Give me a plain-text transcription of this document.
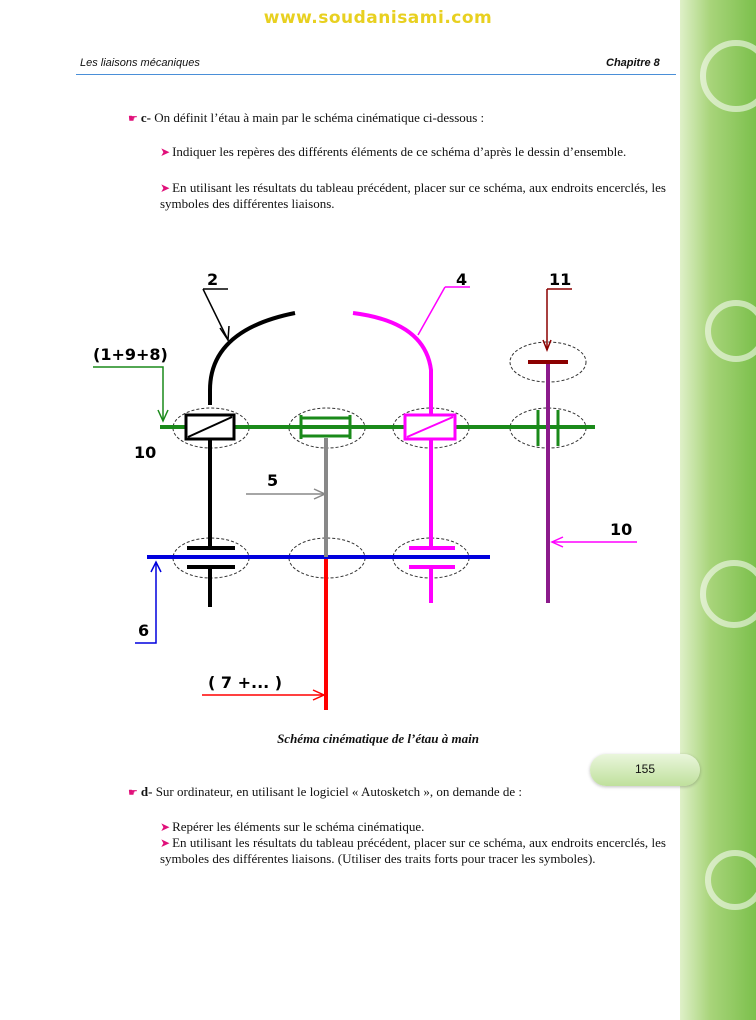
www.soudanisami.com
Les liaisons mécaniques	Chapitre 8
☛ c- On définit l’étau à main par le schéma cinématique ci-dessous :
➤ Indiquer les repères des différents éléments de ce schéma d’après le dessin d’ensemble.
➤ En utilisant les résultats du tableau précédent, placer sur ce schéma, aux endroits encerclés, les symboles des différentes liaisons.
2	4	11
(1+9+8)
10
5
10
6
( 7 +... )
Schéma cinématique de l’étau à main
☛ d- Sur ordinateur, en utilisant le logiciel « Autosketch », on demande de :
➤ Repérer les éléments sur le schéma cinématique.
➤ En utilisant les résultats du tableau précédent, placer sur ce schéma, aux endroits encerclés, les symboles des différentes liaisons. (Utiliser des traits forts pour tracer les symboles).
155
